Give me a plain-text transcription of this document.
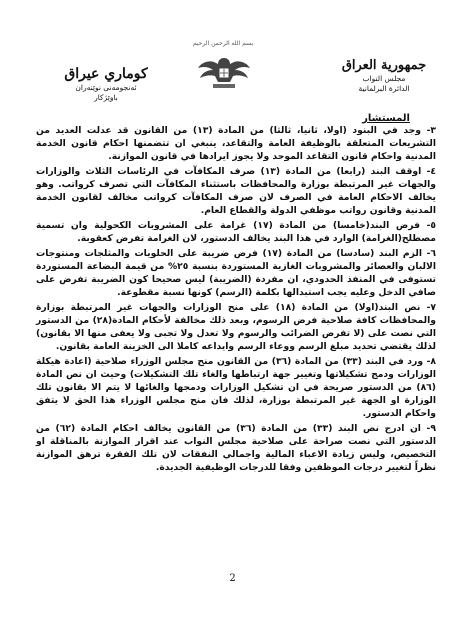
بسم الله الرحمن الرحيم
جمهورية العراق
مجلس النواب
الدائرة البرلمانية
كوماري عيراق
ئەنجومەنی نوێنەران
باوێژکار
المستشار

٣- وجد في البنود (اولا، ثانيا، ثالثا) من المادة (١٣) من القانون قد عدلت العديد من التشريعات المتعلقة بالوظيفة العامة والتقاعد، ينبغي ان تتضمنها احكام قانون الخدمة المدنية واحكام قانون التقاعد الموحد ولا يجوز ايرادها في قانون الموازنة.

٤- اوقف البند (رابعا) من المادة (١٣) صرف المكافآت في الرئاسات الثلاث والوزارات والجهات غير المرتبطة بوزارة والمحافظات باستثناء المكافآت التي تصرف كرواتب. وهو يخالف الاحكام العامة في الصرف لان صرف المكافآت كرواتب مخالف لقانون الخدمة المدنية وقانون رواتب موظفي الدولة والقطاع العام.

٥- فرض البند(خامسا) من المادة (١٧) غرامة على المشروبات الكحولية وان تسمية مصطلح(الغرامة) الوارد في هذا البند يخالف الدستور، لان الغرامة تفرض كعقوبة.

٦- الزم البند (سادسا) من المادة (١٧) فرض ضريبة على الحلويات والمثلجات ومنتوجات الالبان والعصائر والمشروبات الغازية المستوردة بنسبة ٢٥% من قيمة البضاعة المستوردة تستوفى في المنفذ الحدودي، ان مفردة (الضريبة) ليس صحيحا كون الضريبة تفرض على صافي الدخل وعليه يجب استبدالها بكلمة (الرسم) كونها نسبة مقطوعة.

٧- نص البند(اولا) من المادة (١٨) على منح الوزارات والجهات غير المرتبطة بوزارة والمحافظات كافة صلاحية فرض الرسوم، وبعد ذلك مخالفة لأحكام المادة(٢٨) من الدستور التي نصت على (لا تفرض الضرائب والرسوم ولا تعدل ولا تجبى ولا يعفى منها الا بقانون) لذلك يقتضي تحديد مبلغ الرسم ووعاء الرسم وايداعه كاملا الى الخزينة العامة بقانون.

٨- ورد في البند (٣٣) من المادة (٣٦) من القانون منح مجلس الوزراء صلاحية (اعادة هيكلة الوزارات ودمج تشكيلاتها وتغيير جهة ارتباطها والغاء تلك التشكيلات) وحيث ان نص المادة (٨٦) من الدستور صريحة في ان تشكيل الوزارات ودمجها والغائها لا يتم الا بقانون تلك الوزارة او الجهة غير المرتبطة بوزارة، لذلك فان منح مجلس الوزراء هذا الحق لا يتفق واحكام الدستور.

٩- ان ادرج نص البند (٣٣) من المادة (٣٦) من القانون يخالف احكام المادة (٦٢) من الدستور التي نصت صراحة على صلاحية مجلس النواب عند اقرار الموازنة بالمناقلة او التخصيص، وليس زيادة الاعباء المالية واجمالي النفقات لان تلك الفقرة ترهق الموازنة نظراً لتغيير درجات الموظفين وفقا للدرجات الوظيفية الجديدة.

2
